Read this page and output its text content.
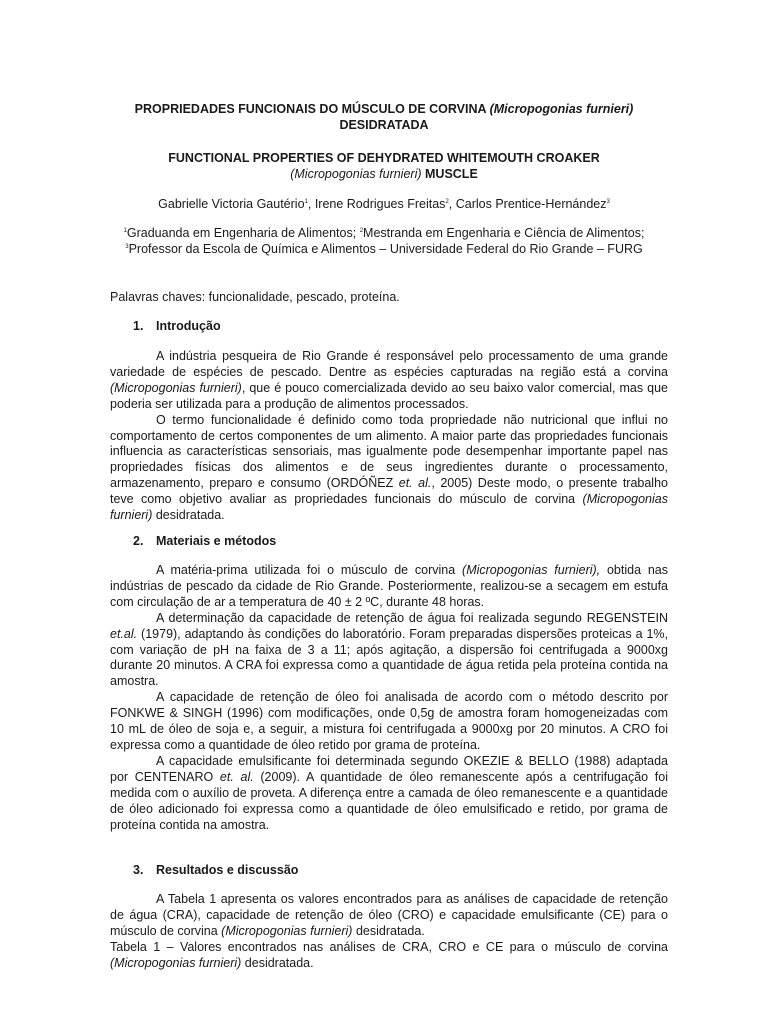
PROPRIEDADES FUNCIONAIS DO MÚSCULO DE CORVINA (Micropogonias furnieri)
DESIDRATADA
FUNCTIONAL PROPERTIES OF DEHYDRATED WHITEMOUTH CROAKER
(Micropogonias furnieri) MUSCLE
Gabrielle Victoria Gautério$^1$, Irene Rodrigues Freitas$^2$, Carlos Prentice-Hernández$^3$
$^1$Graduanda em Engenharia de Alimentos; $^2$Mestranda em Engenharia e Ciência de Alimentos; $^3$Professor da Escola de Química e Alimentos – Universidade Federal do Rio Grande – FURG
Palavras chaves: funcionalidade, pescado, proteína.
1. Introdução

A indústria pesqueira de Rio Grande é responsável pelo processamento de uma grande variedade de espécies de pescado. Dentre as espécies capturadas na região está a corvina (Micropogonias furnieri), que é pouco comercializada devido ao seu baixo valor comercial, mas que poderia ser utilizada para a produção de alimentos processados.

O termo funcionalidade é definido como toda propriedade não nutricional que influi no comportamento de certos componentes de um alimento. A maior parte das propriedades funcionais influencia as características sensoriais, mas igualmente pode desempenhar importante papel nas propriedades físicas dos alimentos e de seus ingredientes durante o processamento, armazenamento, preparo e consumo (ORDÓÑEZ et. al., 2005) Deste modo, o presente trabalho teve como objetivo avaliar as propriedades funcionais do músculo de corvina (Micropogonias furnieri) desidratada.

2. Materiais e métodos

A matéria-prima utilizada foi o músculo de corvina (Micropogonias furnieri), obtida nas indústrias de pescado da cidade de Rio Grande. Posteriormente, realizou-se a secagem em estufa com circulação de ar a temperatura de 40 ± 2 ºC, durante 48 horas.

A determinação da capacidade de retenção de água foi realizada segundo REGENSTEIN et.al. (1979), adaptando às condições do laboratório. Foram preparadas dispersões proteicas a 1%, com variação de pH na faixa de 3 a 11; após agitação, a dispersão foi centrifugada a 9000xg durante 20 minutos. A CRA foi expressa como a quantidade de água retida pela proteína contida na amostra.

A capacidade de retenção de óleo foi analisada de acordo com o método descrito por FONKWE & SINGH (1996) com modificações, onde 0,5g de amostra foram homogeneizadas com 10 mL de óleo de soja e, a seguir, a mistura foi centrifugada a 9000xg por 20 minutos. A CRO foi expressa como a quantidade de óleo retido por grama de proteína.

A capacidade emulsificante foi determinada segundo OKEZIE & BELLO (1988) adaptada por CENTENARO et. al. (2009). A quantidade de óleo remanescente após a centrifugação foi medida com o auxílio de proveta. A diferença entre a camada de óleo remanescente e a quantidade de óleo adicionado foi expressa como a quantidade de óleo emulsificado e retido, por grama de proteína contida na amostra.

3. Resultados e discussão

A Tabela 1 apresenta os valores encontrados para as análises de capacidade de retenção de água (CRA), capacidade de retenção de óleo (CRO) e capacidade emulsificante (CE) para o músculo de corvina (Micropogonias furnieri) desidratada.

Tabela 1 – Valores encontrados nas análises de CRA, CRO e CE para o músculo de corvina (Micropogonias furnieri) desidratada.
